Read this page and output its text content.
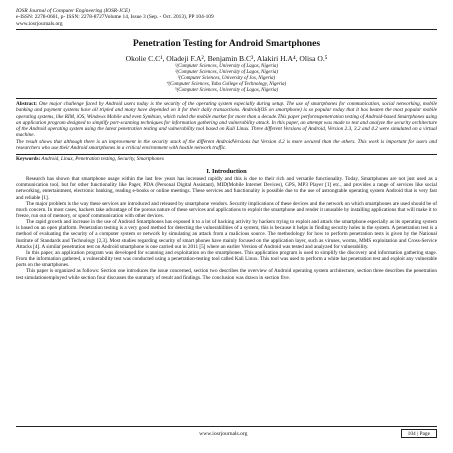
IOSR Journal of Computer Engineering (IOSR-JCE)
e-ISSN: 2278-0661, p- ISSN: 2278-8727Volume 14, Issue 3 (Sep. - Oct. 2013), PP 104-109
www.iosrjournals.org
Penetration Testing for Android Smartphones
Okolie C.C¹, Oladeji F.A², Benjamin B.C³, Alakiri H.A⁴, Olisa O.⁵
¹(Computer Sciences, University of Lagos, Nigeria)
²(Computer Sciences, University of Lagos, Nigeria)
³(Computer Sciences, University of Jos, Nigeria)
⁴(Computer Sciences, Yaba College of Technology, Nigeria)
⁵(Computer Sciences, University of Lagos, Nigeria)

Abstract: One major challenge faced by Android users today is the security of the operating system especially during setup. The use of smartphones for communication, social networking, mobile banking and payment systems have all tripled and many have depended on it for their daily transactions. Android(OS on smartphone) is so popular today that it has beaten the most popular mobile operating systems, like RIM, iOS, Windows Mobile and even Symbian, which ruled the mobile market for more than a decade.This paper performspenetration testing of Android-based Smartphones using an application program designed to simplify port-scanning techniques for information gathering and vulnerability attack. In this paper, an attempt was made to test and analyze the security architecture of the Android operating system using the latest penetration testing and vulnerability tool based on Kali Linux. Three different Versions of Android, Version 2.3, 3.2 and 4.2 were simulated on a virtual machine.

The result shows that although there is an improvement in the security stack of the different AndroidVersions but Version 4.2 is more secured than the others. This work is important for users and researchers who use their Android smartphones in a critical environment with hostile network traffic.

Keywords: Android, Linux, Penetration testing, Security, Smartphones
I. Introduction

Research has shown that smartphone usage within the last few years has increased rapidly and this is due to their rich and versatile functionality. Today, Smartphones are not just used as a communication tool, but for other functionality like Pager, PDA (Personal Digital Assistant), MID(Mobile Internet Devices), GPS, MP3 Player [1] etc., and provides a range of services like social networking, entertainment, electronic banking, reading e-books or online meetings. These services and functionality is possible due to the use of astrongtable operating system Android that is very fast and reliable [1].

The major problem is the way these services are introduced and released by smartphone vendors. Security implications of these devices and the network on which smartphones are used should be of much concern. In most cases, hackers take advantage of the porous nature of these services and applications to exploit the smartphone and render it unusable by installing applications that will make it to freeze, run out of memory, or spoof communication with other devices.

The rapid growth and increase in the use of Android Smartphones has exposed it to a lot of hacking activity by hackers trying to exploit and attack the smartphone especially as its operating system is based on an open platform. Penetration testing is a very good method for detecting the vulnerabilities of a system; this is because it helps in finding security holes in the system. A penetration test is a method of evaluating the security of a computer system or network by simulating an attack from a malicious source. The methodology for how to perform penetration tests is given by the National Institute of Standards and Technology [2,3]. Most studies regarding security of smart phones have mainly focused on the application layer, such as viruses, worms, MMS exploitation and Cross-Service Attacks [4]. A similar penetration test on Android smartphone is one carried out in 2011 [5] where an earlier Version of Android was tested and analyzed for vulnerability.

In this paper, an application program was developed for scanning and exploitation on the smartphones. This application program is used to simplify the discovery and information gathering stage. From the information gathered, a vulnerability test was conducted using a penetration-testing tool called Kali Linux. This tool was used to perform a white hat penetration test and exploit any vulnerable ports on the smartphones.

This paper is organized as follows: Section one introduces the issue concerned, section two describes the overview of Android operating system architecture, section three describes the penetration test simulationemployed while section four discusses the summary of result and findings. The conclusion was drawn in section five.

www.iosrjournals.org	104 | Page
